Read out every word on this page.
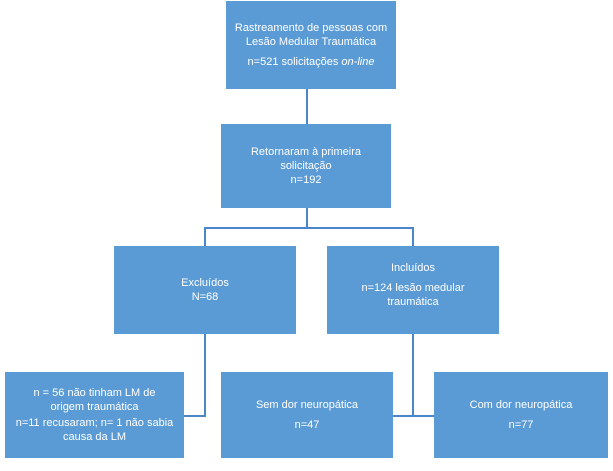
Rastreamento de pessoas com
Lesão Medular Traumática
n=521 solicitações on-line
Retornaram à primeira
solicitação
n=192
Excluídos
N=68
Incluídos
n=124 lesão medular
traumática
n = 56 não tinham LM de
origem traumática
n=11 recusaram; n= 1 não sabia
causa da LM
Sem dor neuropática
n=47
Com dor neuropática
n=77
